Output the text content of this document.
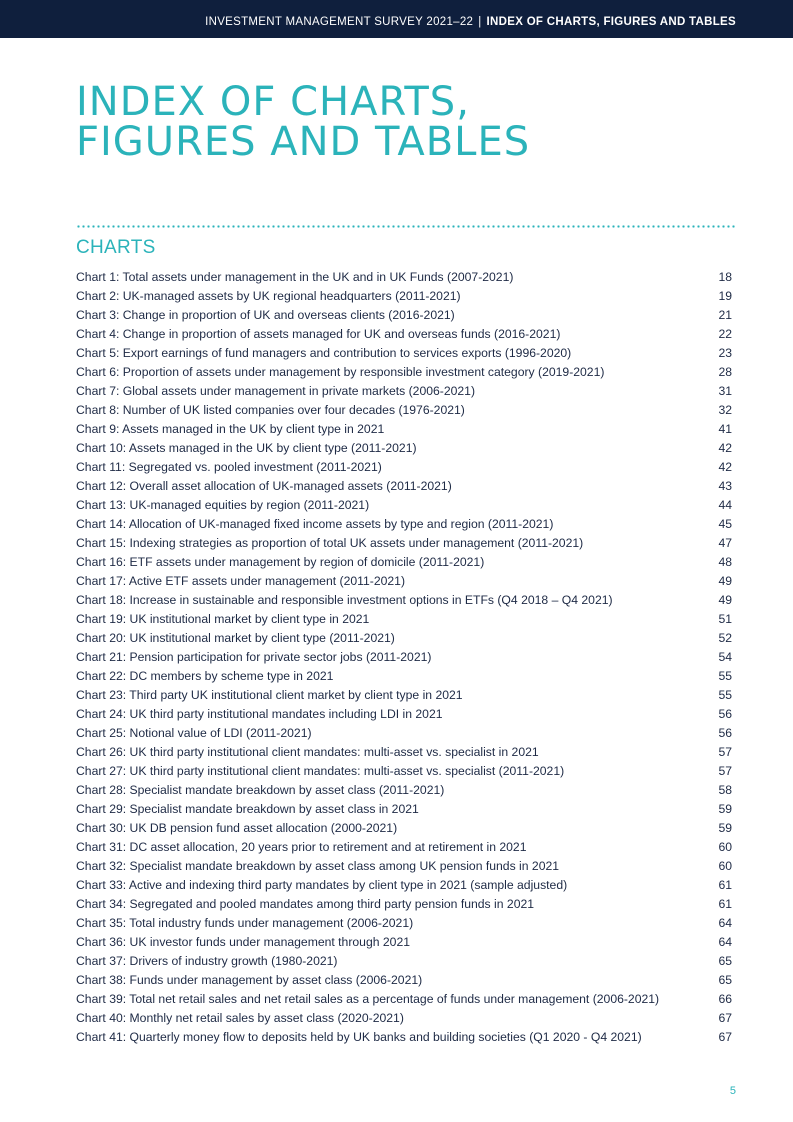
INVESTMENT MANAGEMENT SURVEY 2021–22 | INDEX OF CHARTS, FIGURES AND TABLES
INDEX OF CHARTS,
FIGURES AND TABLES
CHARTS
Chart 1: Total assets under management in the UK and in UK Funds (2007-2021)	18
Chart 2: UK-managed assets by UK regional headquarters (2011-2021)	19
Chart 3: Change in proportion of UK and overseas clients (2016-2021)	21
Chart 4: Change in proportion of assets managed for UK and overseas funds (2016-2021)	22
Chart 5: Export earnings of fund managers and contribution to services exports (1996-2020)	23
Chart 6: Proportion of assets under management by responsible investment category (2019-2021)	28
Chart 7: Global assets under management in private markets (2006-2021)	31
Chart 8: Number of UK listed companies over four decades (1976-2021)	32
Chart 9: Assets managed in the UK by client type in 2021	41
Chart 10: Assets managed in the UK by client type (2011-2021)	42
Chart 11: Segregated vs. pooled investment (2011-2021)	42
Chart 12: Overall asset allocation of UK-managed assets (2011-2021)	43
Chart 13: UK-managed equities by region (2011-2021)	44
Chart 14: Allocation of UK-managed fixed income assets by type and region (2011-2021)	45
Chart 15: Indexing strategies as proportion of total UK assets under management (2011-2021)	47
Chart 16: ETF assets under management by region of domicile (2011-2021)	48
Chart 17: Active ETF assets under management (2011-2021)	49
Chart 18: Increase in sustainable and responsible investment options in ETFs (Q4 2018 – Q4 2021)	49
Chart 19: UK institutional market by client type in 2021	51
Chart 20: UK institutional market by client type (2011-2021)	52
Chart 21: Pension participation for private sector jobs (2011-2021)	54
Chart 22: DC members by scheme type in 2021	55
Chart 23: Third party UK institutional client market by client type in 2021	55
Chart 24: UK third party institutional mandates including LDI in 2021	56
Chart 25: Notional value of LDI (2011-2021)	56
Chart 26: UK third party institutional client mandates: multi-asset vs. specialist in 2021	57
Chart 27: UK third party institutional client mandates: multi-asset vs. specialist (2011-2021)	57
Chart 28: Specialist mandate breakdown by asset class (2011-2021)	58
Chart 29: Specialist mandate breakdown by asset class in 2021	59
Chart 30: UK DB pension fund asset allocation (2000-2021)	59
Chart 31: DC asset allocation, 20 years prior to retirement and at retirement in 2021	60
Chart 32: Specialist mandate breakdown by asset class among UK pension funds in 2021	60
Chart 33: Active and indexing third party mandates by client type in 2021 (sample adjusted)	61
Chart 34: Segregated and pooled mandates among third party pension funds in 2021	61
Chart 35: Total industry funds under management (2006-2021)	64
Chart 36: UK investor funds under management through 2021	64
Chart 37: Drivers of industry growth (1980-2021)	65
Chart 38: Funds under management by asset class (2006-2021)	65
Chart 39: Total net retail sales and net retail sales as a percentage of funds under management (2006-2021)	66
Chart 40: Monthly net retail sales by asset class (2020-2021)	67
Chart 41: Quarterly money flow to deposits held by UK banks and building societies (Q1 2020 - Q4 2021)	67
5
